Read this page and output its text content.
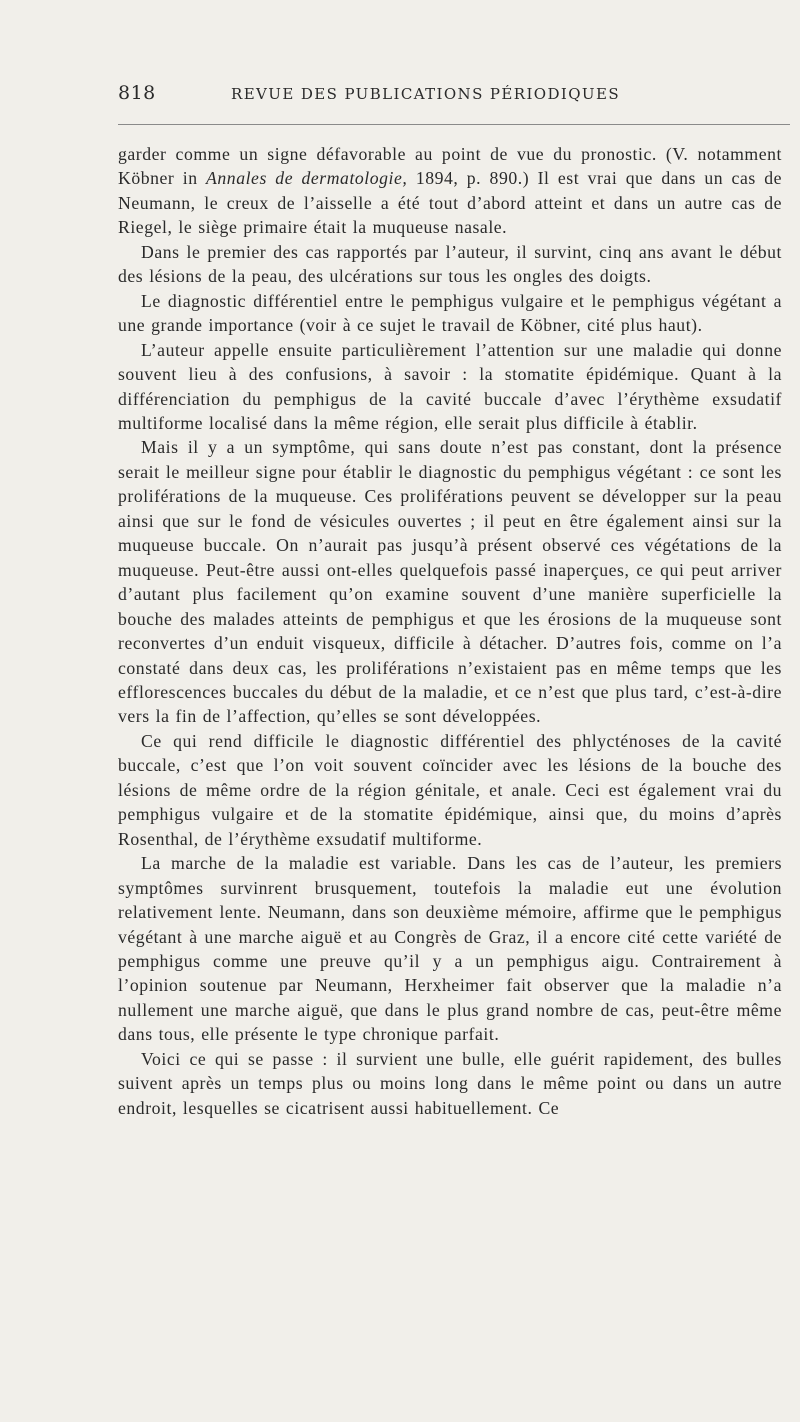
818	REVUE DES PUBLICATIONS PÉRIODIQUES

garder comme un signe défavorable au point de vue du pronostic. (V. notamment Köbner in Annales de dermatologie, 1894, p. 890.) Il est vrai que dans un cas de Neumann, le creux de l’aisselle a été tout d’abord atteint et dans un autre cas de Riegel, le siège primaire était la muqueuse nasale.

Dans le premier des cas rapportés par l’auteur, il survint, cinq ans avant le début des lésions de la peau, des ulcérations sur tous les ongles des doigts.

Le diagnostic différentiel entre le pemphigus vulgaire et le pemphigus végétant a une grande importance (voir à ce sujet le travail de Köbner, cité plus haut).

L’auteur appelle ensuite particulièrement l’attention sur une maladie qui donne souvent lieu à des confusions, à savoir : la stomatite épidémique. Quant à la différenciation du pemphigus de la cavité buccale d’avec l’érythème exsudatif multiforme localisé dans la même région, elle serait plus difficile à établir.

Mais il y a un symptôme, qui sans doute n’est pas constant, dont la présence serait le meilleur signe pour établir le diagnostic du pemphigus végétant : ce sont les proliférations de la muqueuse. Ces proliférations peuvent se développer sur la peau ainsi que sur le fond de vésicules ouvertes ; il peut en être également ainsi sur la muqueuse buccale. On n’aurait pas jusqu’à présent observé ces végétations de la muqueuse. Peut-être aussi ont-elles quelquefois passé inaperçues, ce qui peut arriver d’autant plus facilement qu’on examine souvent d’une manière superficielle la bouche des malades atteints de pemphigus et que les érosions de la muqueuse sont reconvertes d’un enduit visqueux, difficile à détacher. D’autres fois, comme on l’a constaté dans deux cas, les proliférations n’existaient pas en même temps que les efflorescences buccales du début de la maladie, et ce n’est que plus tard, c’est-à-dire vers la fin de l’affection, qu’elles se sont développées.

Ce qui rend difficile le diagnostic différentiel des phlycténoses de la cavité buccale, c’est que l’on voit souvent coïncider avec les lésions de la bouche des lésions de même ordre de la région génitale, et anale. Ceci est également vrai du pemphigus vulgaire et de la stomatite épidémique, ainsi que, du moins d’après Rosenthal, de l’érythème exsudatif multiforme.

La marche de la maladie est variable. Dans les cas de l’auteur, les premiers symptômes survinrent brusquement, toutefois la maladie eut une évolution relativement lente. Neumann, dans son deuxième mémoire, affirme que le pemphigus végétant à une marche aiguë et au Congrès de Graz, il a encore cité cette variété de pemphigus comme une preuve qu’il y a un pemphigus aigu. Contrairement à l’opinion soutenue par Neumann, Herxheimer fait observer que la maladie n’a nullement une marche aiguë, que dans le plus grand nombre de cas, peut-être même dans tous, elle présente le type chronique parfait.

Voici ce qui se passe : il survient une bulle, elle guérit rapidement, des bulles suivent après un temps plus ou moins long dans le même point ou dans un autre endroit, lesquelles se cicatrisent aussi habituellement. Ce
